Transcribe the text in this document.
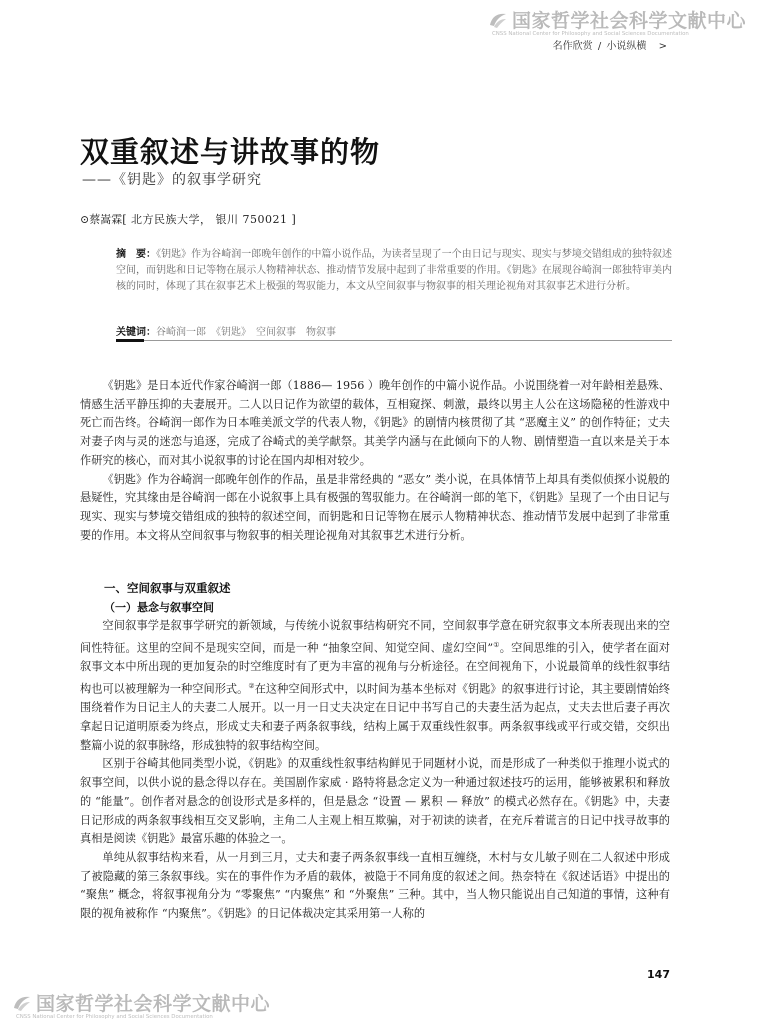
国家哲学社会科学文献中心
CNSS National Center for Philosophy and Social Sciences Documentation
名作欣赏 / 小说纵横 >
双重叙述与讲故事的物
——《钥匙》的叙事学研究
⊙蔡嵩霖[ 北方民族大学， 银川 750021 ]
摘　要：《钥匙》作为谷崎润一郎晚年创作的中篇小说作品，为读者呈现了一个由日记与现实、现实与梦境交错组成的独特叙述空间，而钥匙和日记等物在展示人物精神状态、推动情节发展中起到了非常重要的作用。《钥匙》在展现谷崎润一郎独特审美内核的同时，体现了其在叙事艺术上极强的驾驭能力，本文从空间叙事与物叙事的相关理论视角对其叙事艺术进行分析。
关键词：谷崎润一郎　《钥匙》　空间叙事　物叙事

《钥匙》是日本近代作家谷崎润一郎（1886— 1956 ）晚年创作的中篇小说作品。小说围绕着一对年龄相差悬殊、情感生活平静压抑的夫妻展开。二人以日记作为欲望的载体，互相窥探、刺激，最终以男主人公在这场隐秘的性游戏中死亡而告终。谷崎润一郎作为日本唯美派文学的代表人物，《钥匙》的剧情内核贯彻了其 “恶魔主义” 的创作特征；丈夫对妻子肉与灵的迷恋与追逐，完成了谷崎式的美学献祭。其美学内涵与在此倾向下的人物、剧情塑造一直以来是关于本作研究的核心，而对其小说叙事的讨论在国内却相对较少。

《钥匙》作为谷崎润一郎晚年创作的作品，虽是非常经典的 “恶女” 类小说，在具体情节上却具有类似侦探小说般的悬疑性，究其缘由是谷崎润一郎在小说叙事上具有极强的驾驭能力。在谷崎润一郎的笔下，《钥匙》呈现了一个由日记与现实、现实与梦境交错组成的独特的叙述空间，而钥匙和日记等物在展示人物精神状态、推动情节发展中起到了非常重要的作用。本文将从空间叙事与物叙事的相关理论视角对其叙事艺术进行分析。

一、空间叙事与双重叙述
（一）悬念与叙事空间

空间叙事学是叙事学研究的新领域，与传统小说叙事结构研究不同，空间叙事学意在研究叙事文本所表现出来的空间性特征。这里的空间不是现实空间，而是一种 “抽象空间、知觉空间、虚幻空间”①。空间思维的引入，使学者在面对叙事文本中所出现的更加复杂的时空维度时有了更为丰富的视角与分析途径。在空间视角下，小说最简单的线性叙事结构也可以被理解为一种空间形式。②在这种空间形式中，以时间为基本坐标对《钥匙》的叙事进行讨论，其主要剧情始终围绕着作为日记主人的夫妻二人展开。以一月一日丈夫决定在日记中书写自己的夫妻生活为起点，丈夫去世后妻子再次拿起日记道明原委为终点，形成丈夫和妻子两条叙事线，结构上属于双重线性叙事。两条叙事线或平行或交错，交织出整篇小说的叙事脉络，形成独特的叙事结构空间。

区别于谷崎其他同类型小说，《钥匙》的双重线性叙事结构鲜见于同题材小说，而是形成了一种类似于推理小说式的叙事空间，以供小说的悬念得以存在。美国剧作家威 · 路特将悬念定义为一种通过叙述技巧的运用，能够被累积和释放的 “能量”。创作者对悬念的创设形式是多样的，但是悬念 “设置 — 累积 — 释放” 的模式必然存在。《钥匙》中，夫妻日记形成的两条叙事线相互交叉影响，主角二人主观上相互欺骗，对于初读的读者，在充斥着谎言的日记中找寻故事的真相是阅读《钥匙》最富乐趣的体验之一。

单纯从叙事结构来看，从一月到三月，丈夫和妻子两条叙事线一直相互缠绕，木村与女儿敏子则在二人叙述中形成了被隐藏的第三条叙事线。实在的事件作为矛盾的载体，被隐于不同角度的叙述之间。热奈特在《叙述话语》中提出的 “聚焦” 概念，将叙事视角分为 “零聚焦” “内聚焦” 和 “外聚焦” 三种。其中，当人物只能说出自己知道的事情，这种有限的视角被称作 “内聚焦”。《钥匙》的日记体裁决定其采用第一人称的

147
国家哲学社会科学文献中心
CNSS National Center for Philosophy and Social Sciences Documentation
